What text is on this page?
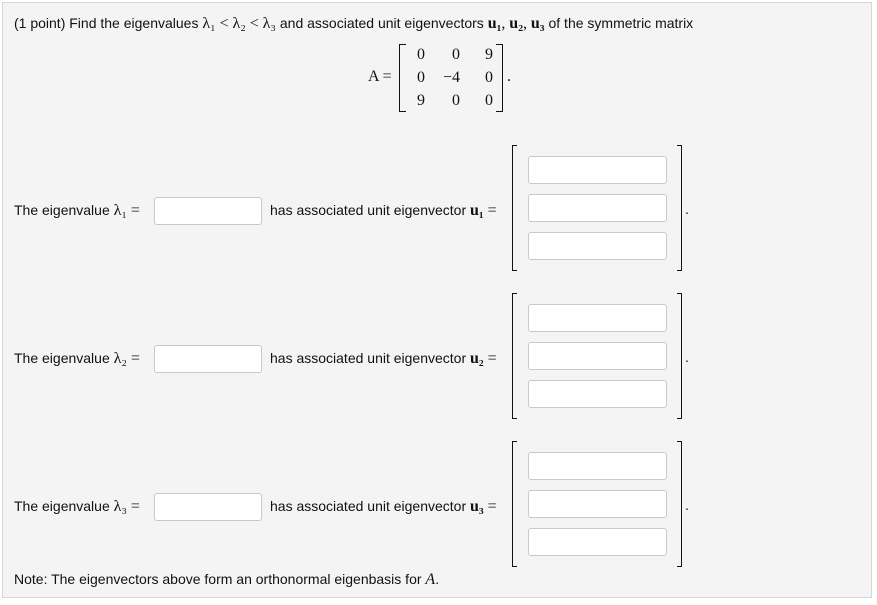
(1 point) Find the eigenvalues λ₁ < λ₂ < λ₃ and associated unit eigenvectors u₁, u₂, u₃ of the symmetric matrix
A =
0	0	9
0	−4	0
9	0	0
.
The eigenvalue λ₁ =	has associated unit eigenvector u₁ =	.
The eigenvalue λ₂ =	has associated unit eigenvector u₂ =	.
The eigenvalue λ₃ =	has associated unit eigenvector u₃ =	.
Note: The eigenvectors above form an orthonormal eigenbasis for A.
